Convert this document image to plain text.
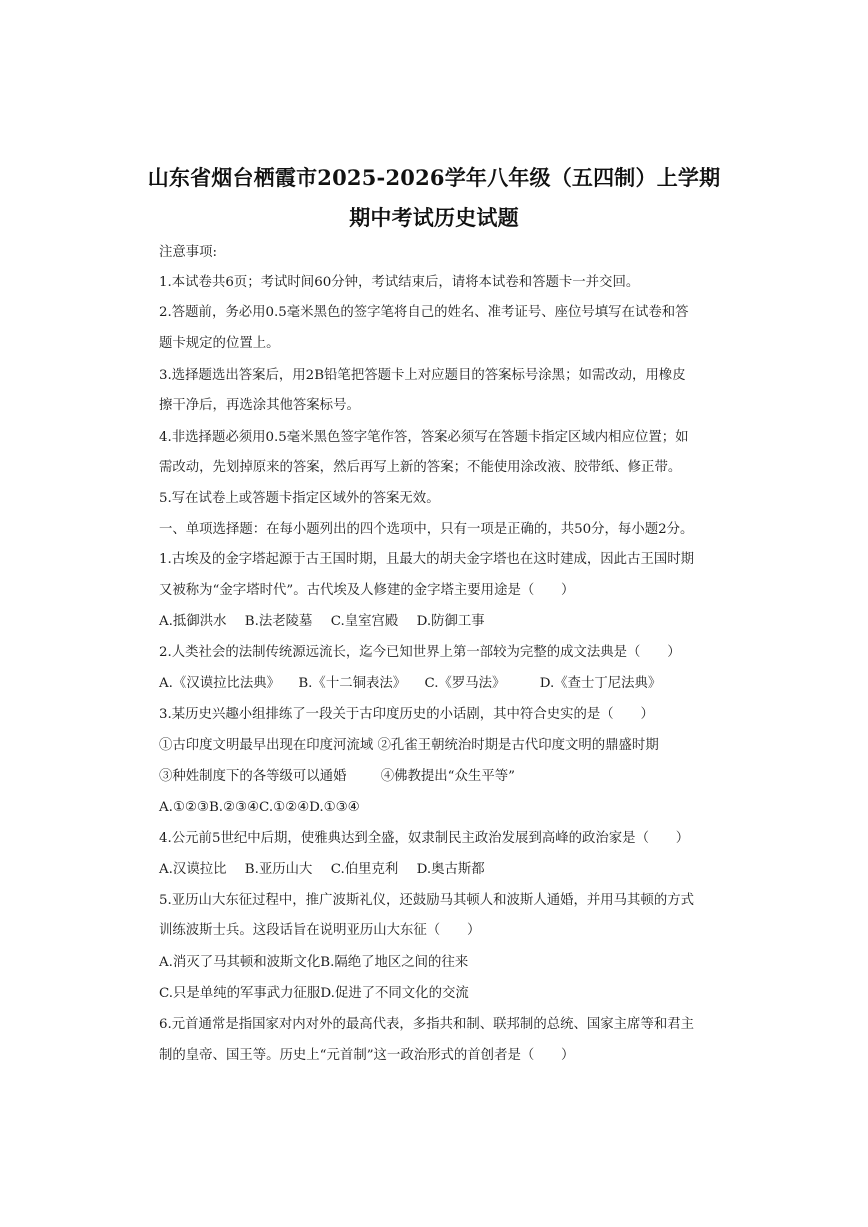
山东省烟台栖霞市2025-2026学年八年级（五四制）上学期
期中考试历史试题
注意事项:
1.本试卷共6页；考试时间60分钟，考试结束后，请将本试卷和答题卡一并交回。
2.答题前，务必用0.5毫米黑色的签字笔将自己的姓名、准考证号、座位号填写在试卷和答
题卡规定的位置上。
3.选择题选出答案后，用2B铅笔把答题卡上对应题目的答案标号涂黑；如需改动，用橡皮
擦干净后，再选涂其他答案标号。
4.非选择题必须用0.5毫米黑色签字笔作答，答案必须写在答题卡指定区域内相应位置；如
需改动，先划掉原来的答案，然后再写上新的答案；不能使用涂改液、胶带纸、修正带。
5.写在试卷上或答题卡指定区域外的答案无效。
一、单项选择题：在每小题列出的四个选项中，只有一项是正确的，共50分，每小题2分。
1.古埃及的金字塔起源于古王国时期，且最大的胡夫金字塔也在这时建成，因此古王国时期
又被称为“金字塔时代”。古代埃及人修建的金字塔主要用途是（　　）
A.抵御洪水 B.法老陵墓 C.皇室宫殿 D.防御工事
2.人类社会的法制传统源远流长，迄今已知世界上第一部较为完整的成文法典是（　　）
A.《汉谟拉比法典》 B.《十二铜表法》 C.《罗马法》	D.《查士丁尼法典》
3.某历史兴趣小组排练了一段关于古印度历史的小话剧，其中符合史实的是（　　）
①古印度文明最早出现在印度河流域 ②孔雀王朝统治时期是古代印度文明的鼎盛时期
③种姓制度下的各等级可以通婚	④佛教提出“众生平等”
A.①②③B.②③④C.①②④D.①③④
4.公元前5世纪中后期，使雅典达到全盛，奴隶制民主政治发展到高峰的政治家是（　　）
A.汉谟拉比 B.亚历山大 C.伯里克利 D.奥古斯都
5.亚历山大东征过程中，推广波斯礼仪，还鼓励马其顿人和波斯人通婚，并用马其顿的方式
训练波斯士兵。这段话旨在说明亚历山大东征（　　）
A.消灭了马其顿和波斯文化B.隔绝了地区之间的往来
C.只是单纯的军事武力征服D.促进了不同文化的交流
6.元首通常是指国家对内对外的最高代表，多指共和制、联邦制的总统、国家主席等和君主
制的皇帝、国王等。历史上“元首制”这一政治形式的首创者是（　　）
